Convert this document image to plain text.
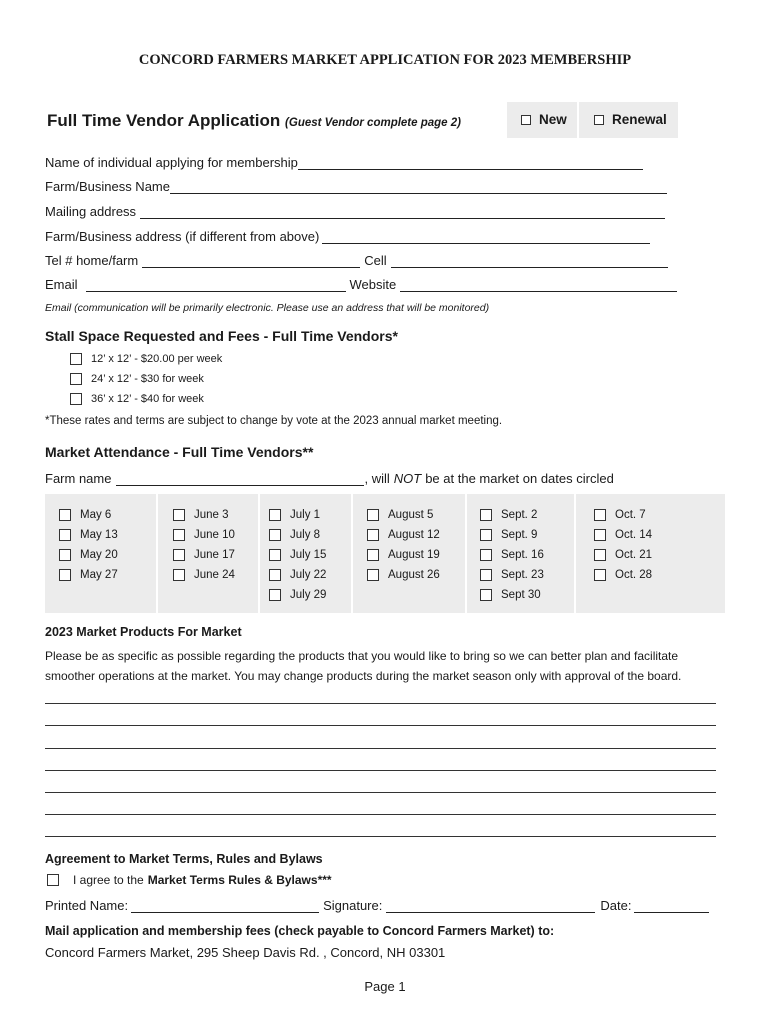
CONCORD FARMERS MARKET APPLICATION FOR 2023 MEMBERSHIP
Full Time Vendor Application (Guest Vendor complete page 2)	New	Renewal
Name of individual applying for membership
Farm/Business Name
Mailing address
Farm/Business address (if different from above)
Tel # home/farm	Cell
Email	Website
Email (communication will be primarily electronic. Please use an address that will be monitored)
Stall Space Requested and Fees - Full Time Vendors*
12’ x 12’ - $20.00 per week
24’ x 12’ - $30 for week
36’ x 12’ - $40 for week
*These rates and terms are subject to change by vote at the 2023 annual market meeting.
Market Attendance - Full Time Vendors**
Farm name	, will NOT be at the market on dates circled
May 6
May 13
May 20
May 27
June 3
June 10
June 17
June 24
July 1
July 8
July 15
July 22
July 29
August 5
August 12
August 19
August 26
Sept. 2
Sept. 9
Sept. 16
Sept. 23
Sept 30
Oct. 7
Oct. 14
Oct. 21
Oct. 28
2023 Market Products For Market
Please be as specific as possible regarding the products that you would like to bring so we can better plan and facilitate
smoother operations at the market. You may change products during the market season only with approval of the board.
Agreement to Market Terms, Rules and Bylaws
I agree to the Market Terms Rules & Bylaws***
Printed Name:	Signature:	Date:
Mail application and membership fees (check payable to Concord Farmers Market) to:
Concord Farmers Market, 295 Sheep Davis Rd. , Concord, NH 03301
Page 1
